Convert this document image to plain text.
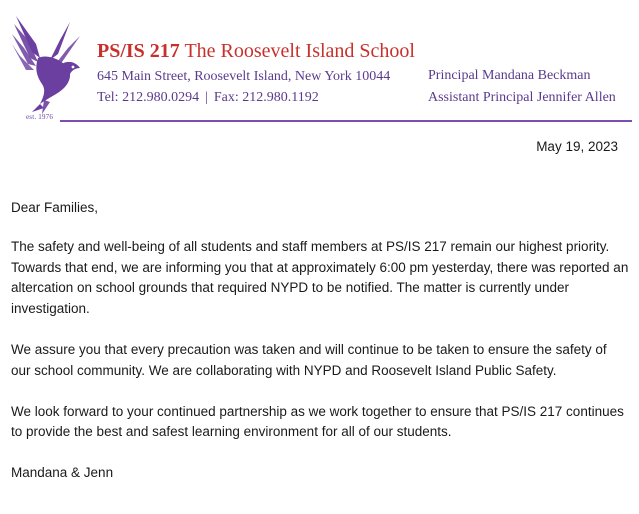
est. 1976
PS/IS 217 The Roosevelt Island School
645 Main Street, Roosevelt Island, New York 10044
Tel: 212.980.0294 | Fax: 212.980.1192
Principal Mandana Beckman
Assistant Principal Jennifer Allen
May 19, 2023

Dear Families,

The safety and well-being of all students and staff members at PS/IS 217 remain our highest priority. Towards that end, we are informing you that at approximately 6:00 pm yesterday, there was reported an altercation on school grounds that required NYPD to be notified. The matter is currently under investigation.

We assure you that every precaution was taken and will continue to be taken to ensure the safety of our school community. We are collaborating with NYPD and Roosevelt Island Public Safety.

We look forward to your continued partnership as we work together to ensure that PS/IS 217 continues to provide the best and safest learning environment for all of our students.

Mandana & Jenn
